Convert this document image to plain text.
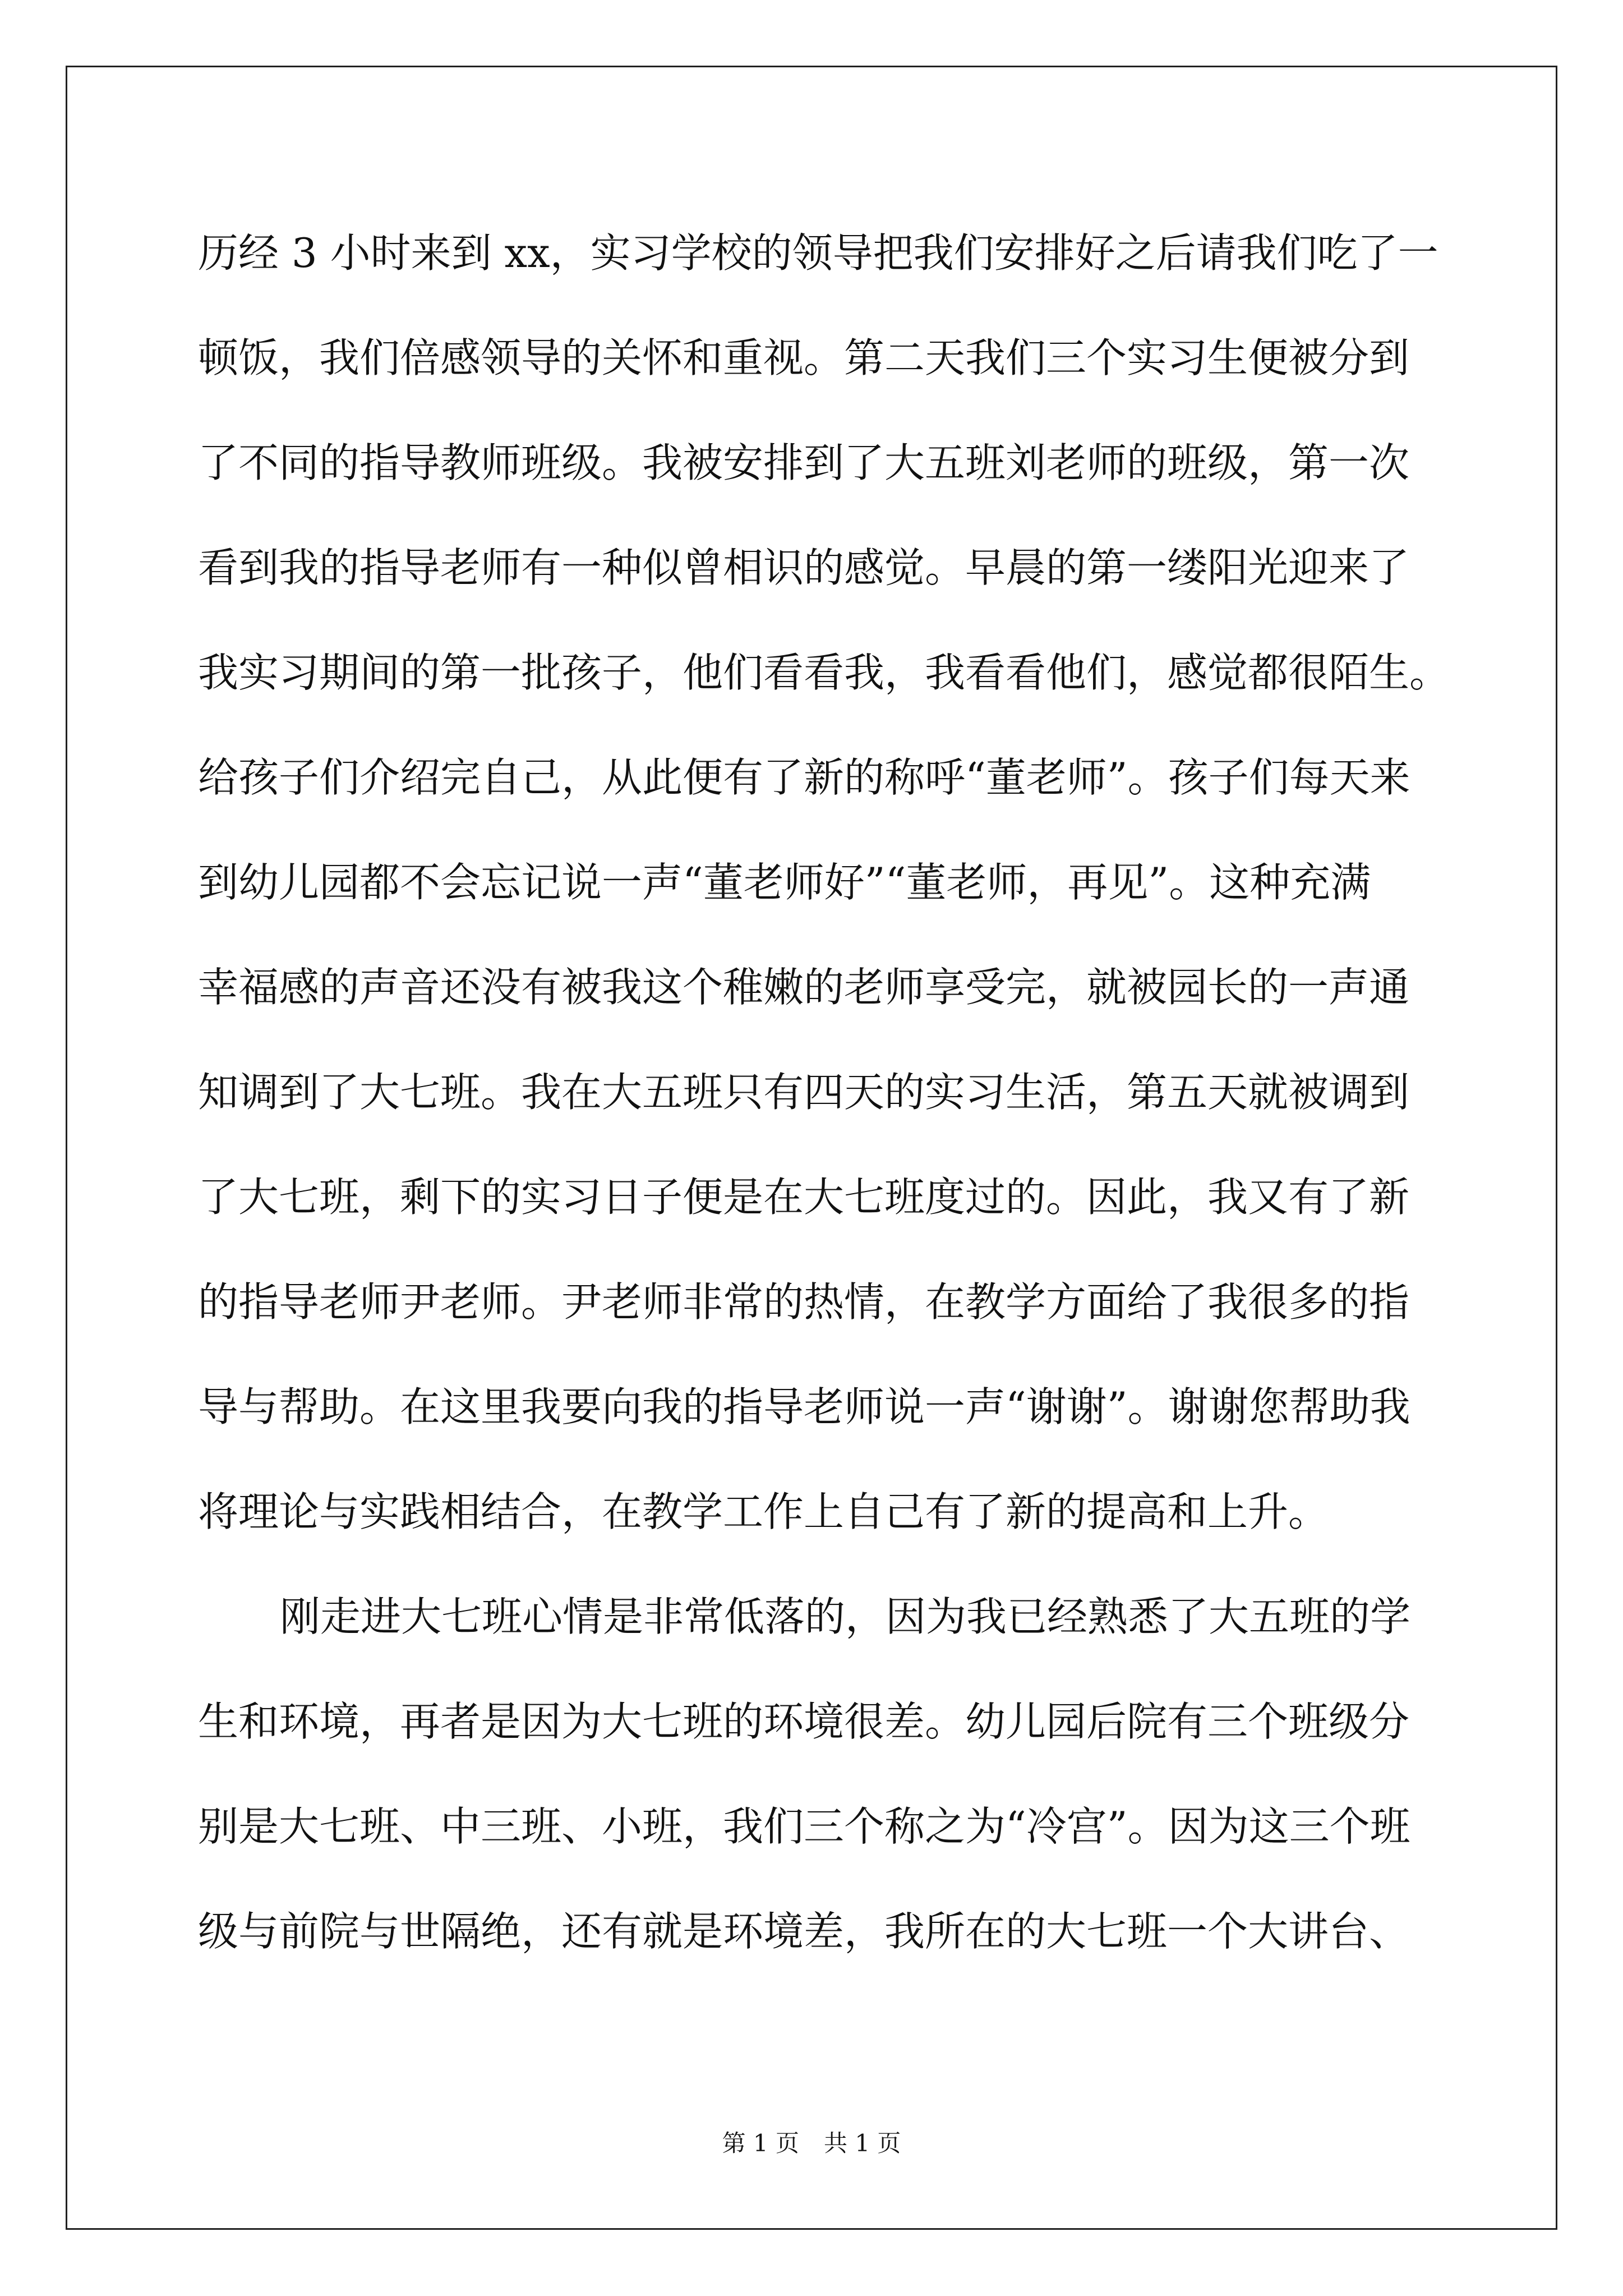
历经 3 小时来到 xx，实习学校的领导把我们安排好之后请我们吃了一
顿饭，我们倍感领导的关怀和重视。第二天我们三个实习生便被分到
了不同的指导教师班级。我被安排到了大五班刘老师的班级，第一次
看到我的指导老师有一种似曾相识的感觉。早晨的第一缕阳光迎来了
我实习期间的第一批孩子，他们看看我，我看看他们，感觉都很陌生。
给孩子们介绍完自己，从此便有了新的称呼“董老师”。孩子们每天来
到幼儿园都不会忘记说一声“董老师好”“董老师，再见”。这种充满
幸福感的声音还没有被我这个稚嫩的老师享受完，就被园长的一声通
知调到了大七班。我在大五班只有四天的实习生活，第五天就被调到
了大七班，剩下的实习日子便是在大七班度过的。因此，我又有了新
的指导老师尹老师。尹老师非常的热情，在教学方面给了我很多的指
导与帮助。在这里我要向我的指导老师说一声“谢谢”。谢谢您帮助我
将理论与实践相结合，在教学工作上自己有了新的提高和上升。
刚走进大七班心情是非常低落的，因为我已经熟悉了大五班的学
生和环境，再者是因为大七班的环境很差。幼儿园后院有三个班级分
别是大七班、中三班、小班，我们三个称之为“冷宫”。因为这三个班
级与前院与世隔绝，还有就是环境差，我所在的大七班一个大讲台、
第 1 页 共 1 页
